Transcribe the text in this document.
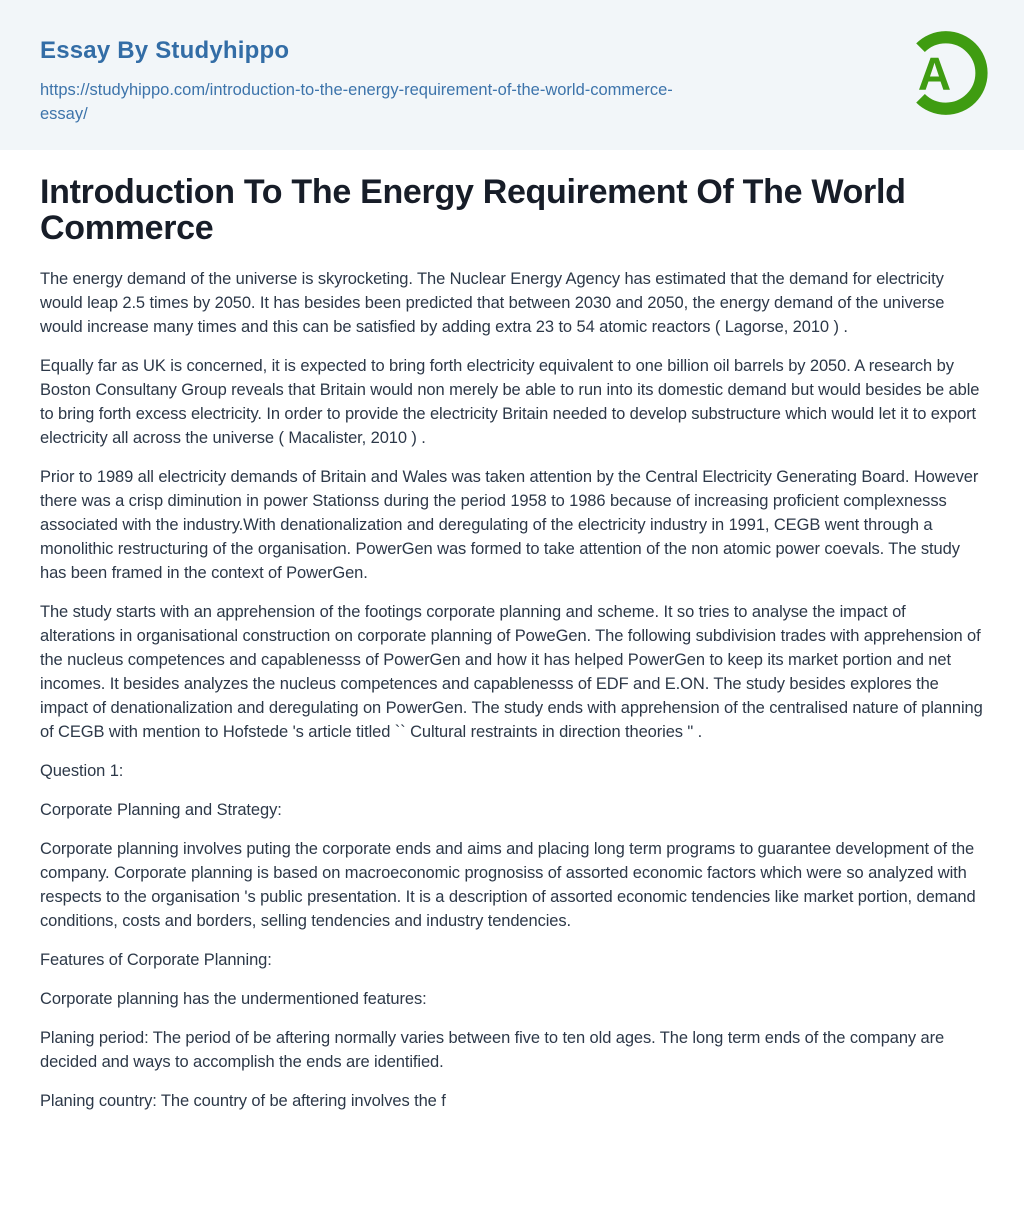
Essay By Studyhippo
https://studyhippo.com/introduction-to-the-energy-requirement-of-the-world-commerce-
essay/
A
Introduction To The Energy Requirement Of The World Commerce

The energy demand of the universe is skyrocketing. The Nuclear Energy Agency has estimated that the demand for electricity would leap 2.5 times by 2050. It has besides been predicted that between 2030 and 2050, the energy demand of the universe would increase many times and this can be satisfied by adding extra 23 to 54 atomic reactors ( Lagorse, 2010 ) .

Equally far as UK is concerned, it is expected to bring forth electricity equivalent to one billion oil barrels by 2050. A research by Boston Consultany Group reveals that Britain would non merely be able to run into its domestic demand but would besides be able to bring forth excess electricity. In order to provide the electricity Britain needed to develop substructure which would let it to export electricity all across the universe ( Macalister, 2010 ) .

Prior to 1989 all electricity demands of Britain and Wales was taken attention by the Central Electricity Generating Board. However there was a crisp diminution in power Stationss during the period 1958 to 1986 because of increasing proficient complexnesss associated with the industry.With denationalization and deregulating of the electricity industry in 1991, CEGB went through a monolithic restructuring of the organisation. PowerGen was formed to take attention of the non atomic power coevals. The study has been framed in the context of PowerGen.

The study starts with an apprehension of the footings corporate planning and scheme. It so tries to analyse the impact of alterations in organisational construction on corporate planning of PoweGen. The following subdivision trades with apprehension of the nucleus competences and capablenesss of PowerGen and how it has helped PowerGen to keep its market portion and net incomes. It besides analyzes the nucleus competences and capablenesss of EDF and E.ON. The study besides explores the impact of denationalization and deregulating on PowerGen. The study ends with apprehension of the centralised nature of planning of CEGB with mention to Hofstede 's article titled `` Cultural restraints in direction theories " .

Question 1:

Corporate Planning and Strategy:

Corporate planning involves puting the corporate ends and aims and placing long term programs to guarantee development of the company. Corporate planning is based on macroeconomic prognosiss of assorted economic factors which were so analyzed with respects to the organisation 's public presentation. It is a description of assorted economic tendencies like market portion, demand conditions, costs and borders, selling tendencies and industry tendencies.

Features of Corporate Planning:

Corporate planning has the undermentioned features:

Planing period: The period of be aftering normally varies between five to ten old ages. The long term ends of the company are decided and ways to accomplish the ends are identified.

Planing country: The country of be aftering involves the f
